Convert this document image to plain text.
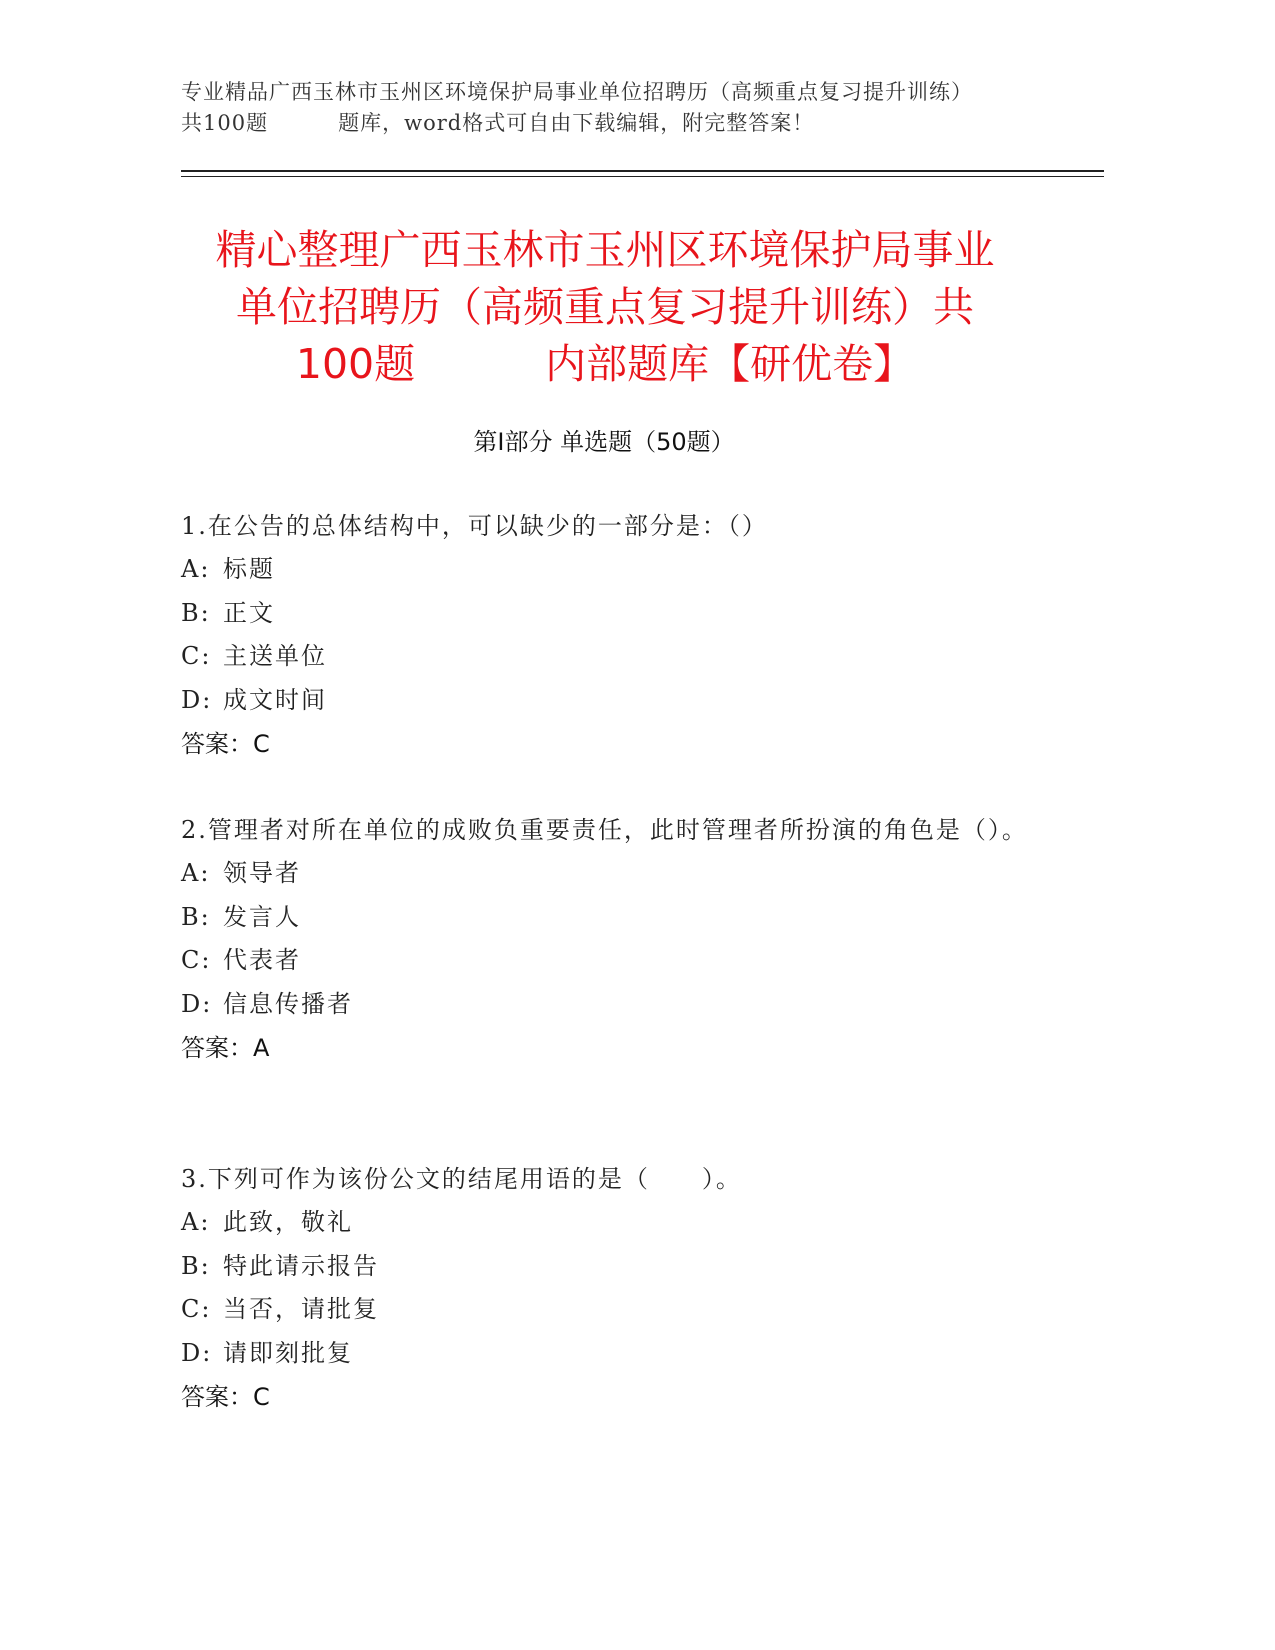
专业精品广西玉林市玉州区环境保护局事业单位招聘历（高频重点复习提升训练）
共100题	题库，word格式可自由下载编辑，附完整答案！
精心整理广西玉林市玉州区环境保护局事业
单位招聘历（高频重点复习提升训练）共
100题	内部题库【研优卷】
第Ⅰ部分 单选题（50题）

1.在公告的总体结构中，可以缺少的一部分是：（）

A: 标题

B: 正文

C: 主送单位

D: 成文时间

答案：C

2.管理者对所在单位的成败负重要责任，此时管理者所扮演的角色是（）。

A: 领导者

B: 发言人

C: 代表者

D: 信息传播者

答案：A

3.下列可作为该份公文的结尾用语的是（　　）。

A: 此致，敬礼

B: 特此请示报告

C: 当否，请批复

D: 请即刻批复

答案：C
